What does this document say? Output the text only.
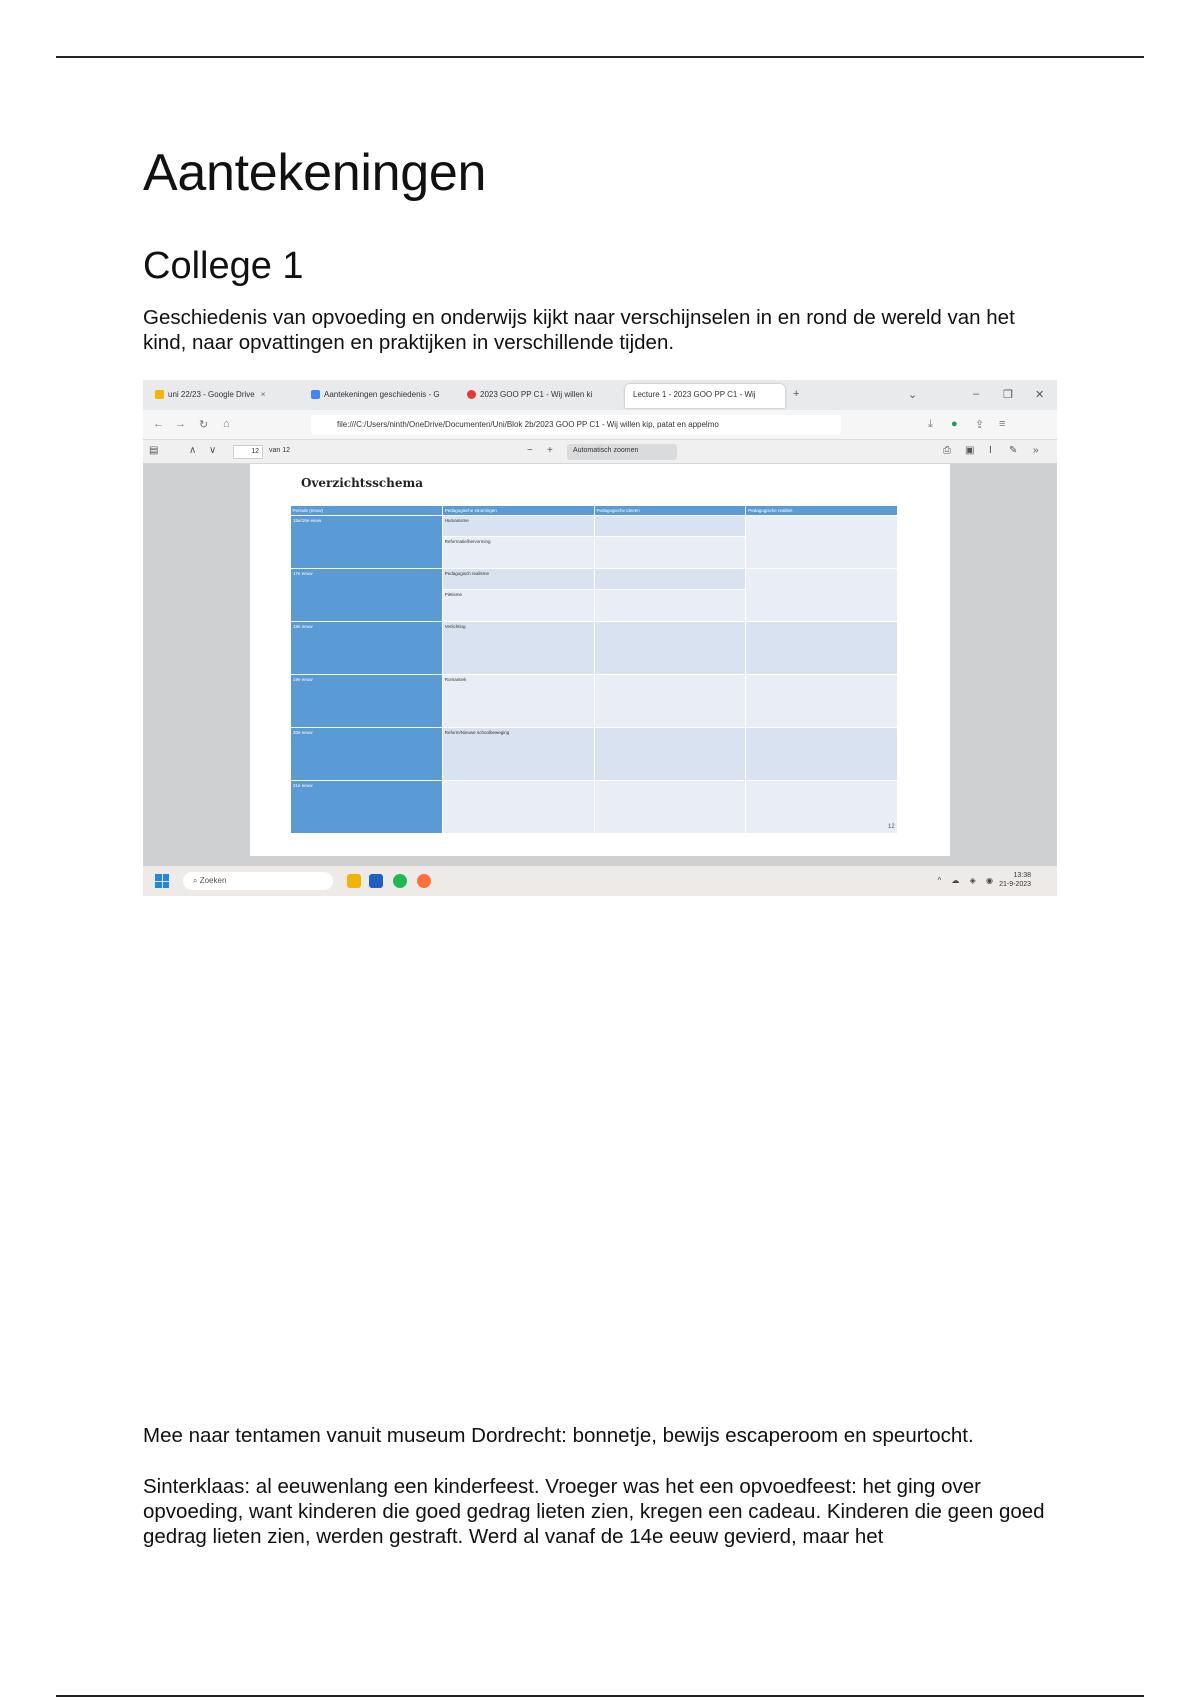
Aantekeningen
College 1

Geschiedenis van opvoeding en onderwijs kijkt naar verschijnselen in en rond de wereld van het kind, naar opvattingen en praktijken in verschillende tijden.

uni 22/23 - Google Drive ×	Aantekeningen geschiedenis - G	2023 GOO PP C1 - Wij willen ki	Lecture 1 - 2023 GOO PP C1 - Wij	+	⌄	– ❐ ✕
← → ↻ ⌂	file:///C:/Users/ninth/OneDrive/Documenten/Uni/Blok 2b/2023 GOO PP C1 - Wij willen kip, patat en appelmo	⤓ ● ⇪ ≡
▤	∧ ∨	12	van 12	− +	Automatisch zoomen	⎙ ▣ I ✎ »
Overzichtsschema
Periode (eeuw)	Pedagogische stromingen	Pedagogische ideeën	Pedagogische realiteit
15e/16e eeuw	Humanisme		
	Reformatie/hervorming		
17e eeuw	Pedagogisch realisme		
	Piëtisme		
18e eeuw	Verlichting		
19e eeuw	Romantiek		
20e eeuw	Reform/Nieuwe schoolbeweging		
21e eeuw			
12
⌕ Zoeken	^ ☁ ◈ ◉
13:38
21-9-2023

Mee naar tentamen vanuit museum Dordrecht: bonnetje, bewijs escaperoom en speurtocht.

Sinterklaas: al eeuwenlang een kinderfeest. Vroeger was het een opvoedfeest: het ging over opvoeding, want kinderen die goed gedrag lieten zien, kregen een cadeau. Kinderen die geen goed gedrag lieten zien, werden gestraft. Werd al vanaf de 14e eeuw gevierd, maar het
